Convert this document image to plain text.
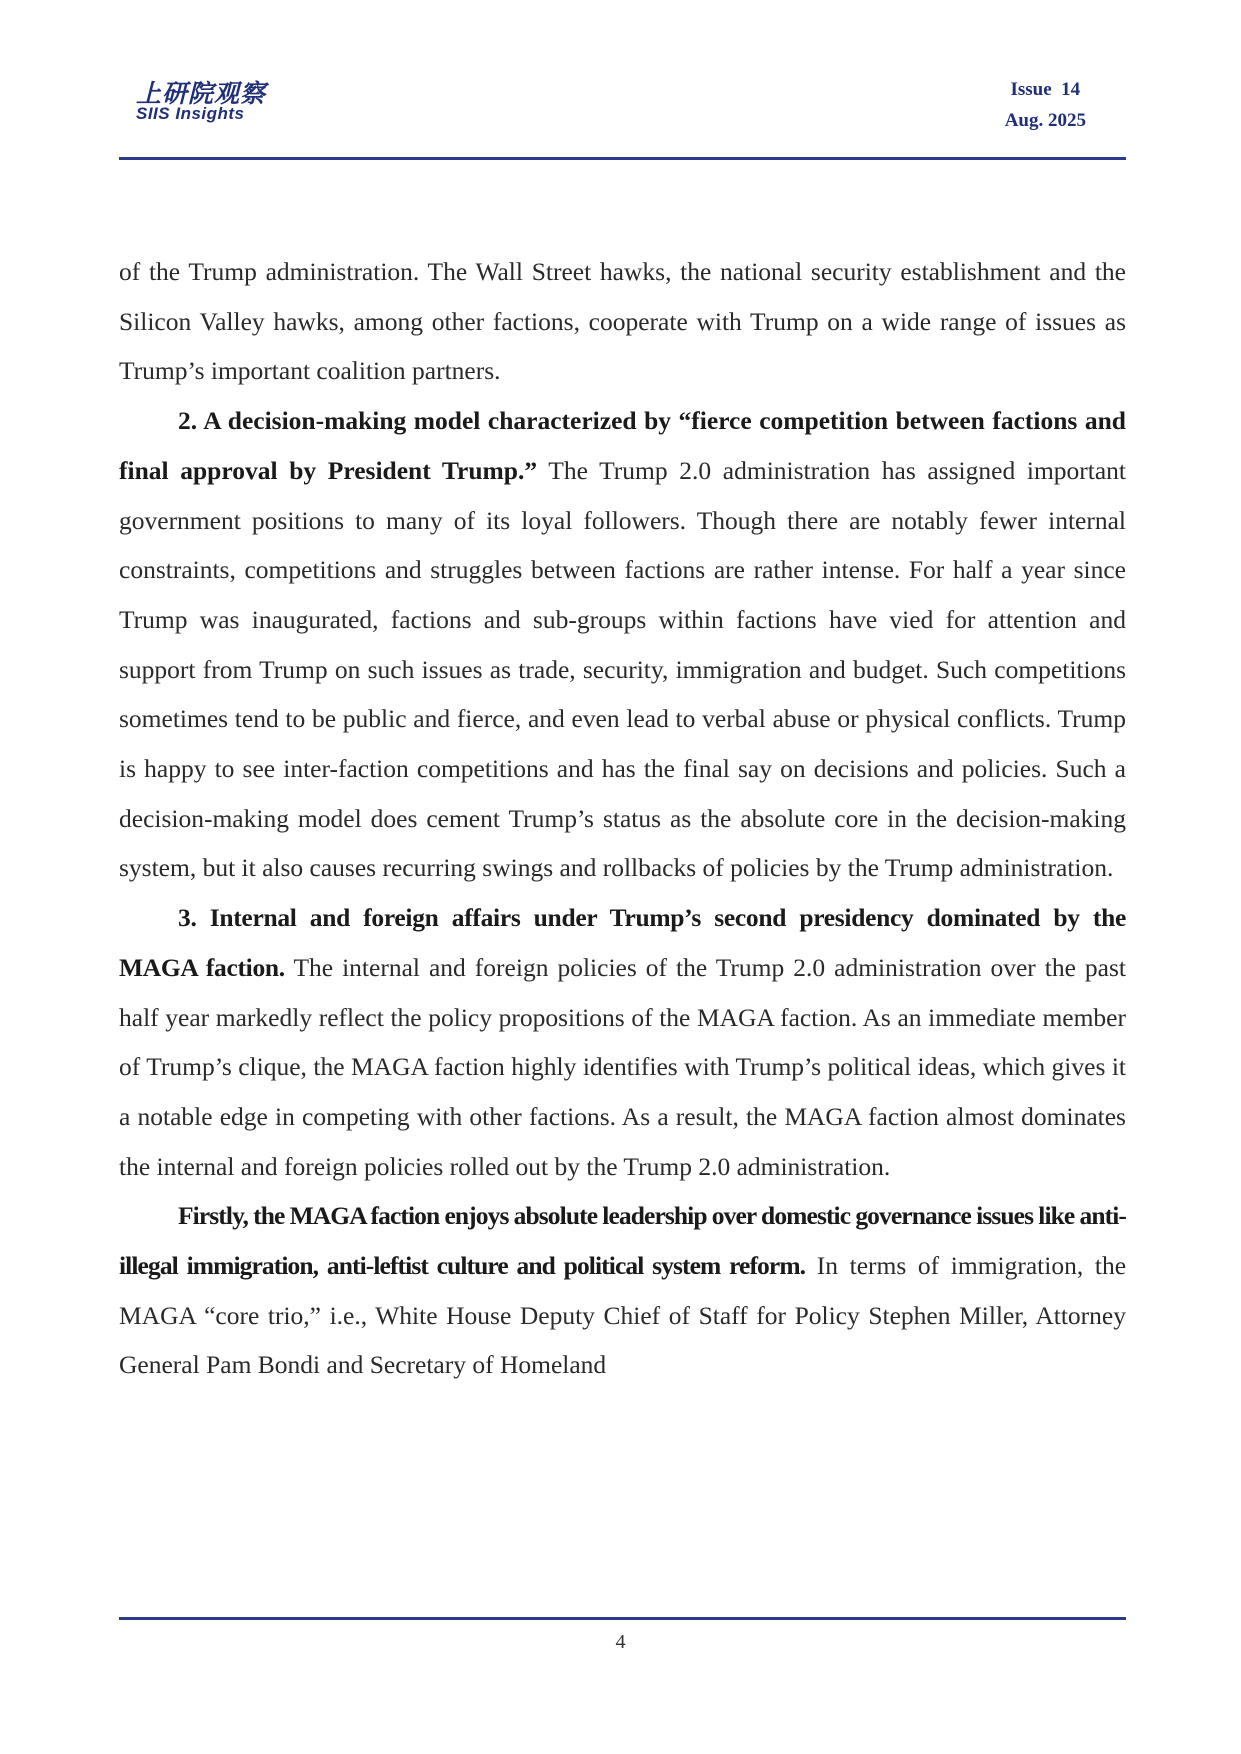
上研院观察
SIIS Insights
Issue  14
Aug. 2025

of the Trump administration. The Wall Street hawks, the national security establishment and the Silicon Valley hawks, among other factions, cooperate with Trump on a wide range of issues as Trump’s important coalition partners.

2. A decision-making model characterized by “fierce competition between factions and final approval by President Trump.” The Trump 2.0 administration has assigned important government positions to many of its loyal followers. Though there are notably fewer internal constraints, competitions and struggles between factions are rather intense. For half a year since Trump was inaugurated, factions and sub-groups within factions have vied for attention and support from Trump on such issues as trade, security, immigration and budget. Such competitions sometimes tend to be public and fierce, and even lead to verbal abuse or physical conflicts. Trump is happy to see inter-faction competitions and has the final say on decisions and policies. Such a decision-making model does cement Trump’s status as the absolute core in the decision-making system, but it also causes recurring swings and rollbacks of policies by the Trump administration.

3. Internal and foreign affairs under Trump’s second presidency dominated by the MAGA faction. The internal and foreign policies of the Trump 2.0 administration over the past half year markedly reflect the policy propositions of the MAGA faction. As an immediate member of Trump’s clique, the MAGA faction highly identifies with Trump’s political ideas, which gives it a notable edge in competing with other factions. As a result, the MAGA faction almost dominates the internal and foreign policies rolled out by the Trump 2.0 administration.

Firstly, the MAGA faction enjoys absolute leadership over domestic governance issues like anti-illegal immigration, anti-leftist culture and political system reform. In terms of immigration, the MAGA “core trio,” i.e., White House Deputy Chief of Staff for Policy Stephen Miller, Attorney General Pam Bondi and Secretary of Homeland

4
